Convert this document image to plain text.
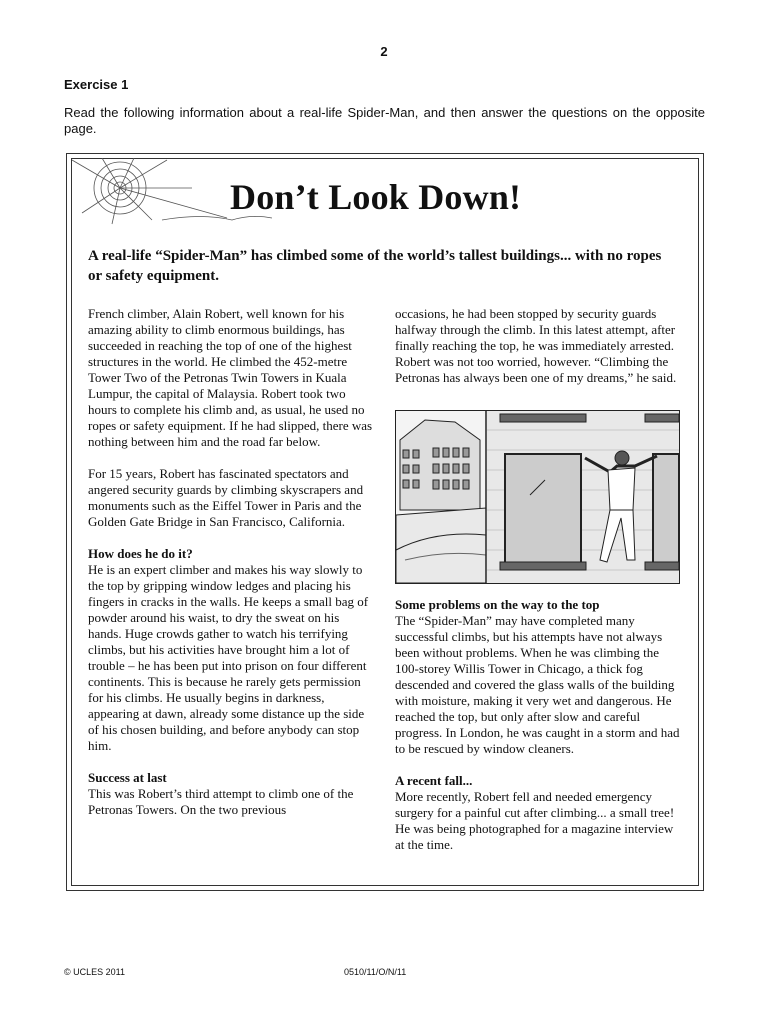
2
Exercise 1
Read the following information about a real-life Spider-Man, and then answer the questions on the opposite page.
Don’t Look Down!
A real-life “Spider-Man” has climbed some of the world’s tallest buildings... with no ropes or safety equipment.

French climber, Alain Robert, well known for his amazing ability to climb enormous buildings, has succeeded in reaching the top of one of the highest structures in the world. He climbed the 452-metre Tower Two of the Petronas Twin Towers in Kuala Lumpur, the capital of Malaysia. Robert took two hours to complete his climb and, as usual, he used no ropes or safety equipment. If he had slipped, there was nothing between him and the road far below.

For 15 years, Robert has fascinated spectators and angered security guards by climbing skyscrapers and monuments such as the Eiffel Tower in Paris and the Golden Gate Bridge in San Francisco, California.

How does he do it?

He is an expert climber and makes his way slowly to the top by gripping window ledges and placing his fingers in cracks in the walls. He keeps a small bag of powder around his waist, to dry the sweat on his hands. Huge crowds gather to watch his terrifying climbs, but his activities have brought him a lot of trouble – he has been put into prison on four different continents. This is because he rarely gets permission for his climbs. He usually begins in darkness, appearing at dawn, already some distance up the side of his chosen building, and before anybody can stop him.

Success at last

This was Robert’s third attempt to climb one of the Petronas Towers. On the two previous

occasions, he had been stopped by security guards halfway through the climb. In this latest attempt, after finally reaching the top, he was immediately arrested. Robert was not too worried, however. “Climbing the Petronas has always been one of my dreams,” he said.

Some problems on the way to the top

The “Spider-Man” may have completed many successful climbs, but his attempts have not always been without problems. When he was climbing the 100-storey Willis Tower in Chicago, a thick fog descended and covered the glass walls of the building with moisture, making it very wet and dangerous. He reached the top, but only after slow and careful progress. In London, he was caught in a storm and had to be rescued by window cleaners.

A recent fall...

More recently, Robert fell and needed emergency surgery for a painful cut after climbing... a small tree! He was being photographed for a magazine interview at the time.

© UCLES 2011	0510/11/O/N/11
